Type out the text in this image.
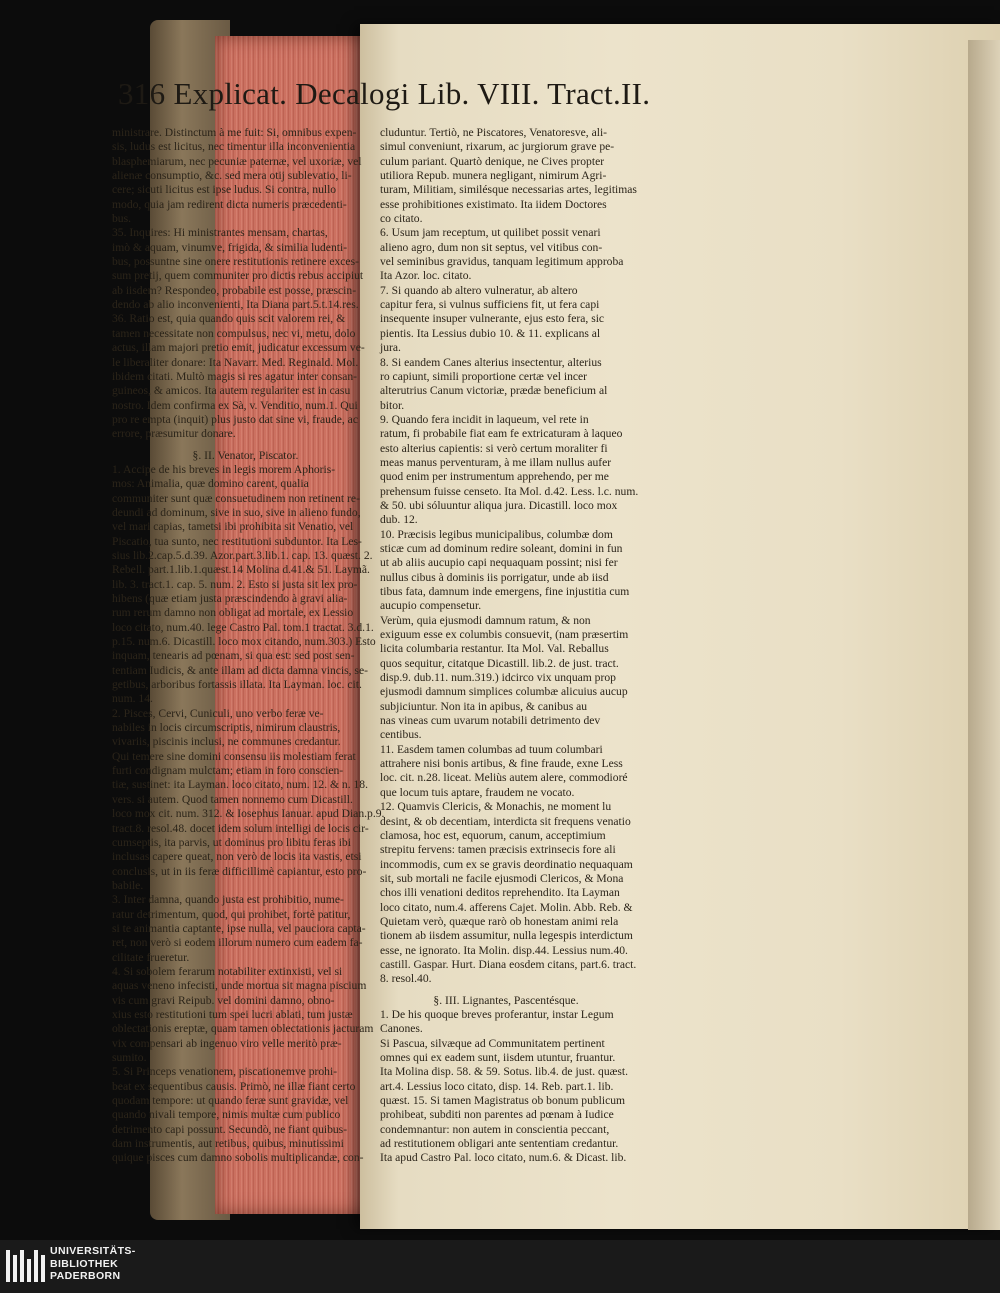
316 Explicat. Decalogi Lib. VIII. Tract.II.
ministrare. Distinctum à me fuit: Si, omnibus expen-
sis, ludus est licitus, nec timentur illa inconvenientia
blasphemiarum, nec pecuniæ paternæ, vel uxoriæ, vel
alienæ consumptio, &c. sed mera otij sublevatio, li-
cere; sicuti licitus est ipse ludus. Si contra, nullo
modo, quia jam redirent dicta numeris præcedenti-
bus.
35. Inquires: Hi ministrantes mensam, chartas,
imò & aquam, vinumve, frigida, & similia ludenti-
bus, possuntne sine onere restitutionis retinere exces-
sum pretij, quem communiter pro dictis rebus accipiut
ab iisdem? Respondeo, probabile est posse, præscin-
dendo ab alio inconvenienti, Ita Diana part.5.t.14.res.
36. Ratio est, quia quando quis scit valorem rei, &
tamen necessitate non compulsus, nec vi, metu, dolo
actus, illam majori pretio emit, judicatur excessum ve-
le liberaliter donare: Ita Navarr. Med. Reginald. Mol.
ibidem citati. Multò magis si res agatur inter consan-
guineos, & amicos. Ita autem regulariter est in casu
nostro. Idem confirma ex Sà, v. Venditio, num.1. Qui
pro re empta (inquit) plus justo dat sine vi, fraude, ac
errore, præsumitur donare.
§. II. Venator, Piscator.
1. Accipe de his breves in legis morem Aphoris-
mos: Animalia, quæ domino carent, qualia
communiter sunt quæ consuetudinem non retinent re-
deundi ad dominum, sive in suo, sive in alieno fundo,
vel mari capias, tametsi ibi prohibita sit Venatio, vel
Piscatio, tua sunto, nec restitutioni subduntor. Ita Les-
sius lib.2.cap.5.d.39. Azor.part.3.lib.1. cap. 13. quæst. 2.
Rebell. part.1.lib.1.quæst.14 Molina d.41.& 51. Laymã.
lib. 3. tract.1. cap. 5. num. 2. Esto si justa sit lex pro-
hibens (quæ etiam justa præscindendo à gravi alia-
rum rerum damno non obligat ad mortale, ex Lessio
loco citato, num.40. lege Castro Pal. tom.1 tractat. 3.d.1.
p.15. num.6. Dicastill. loco mox citando, num.303.) Esto
inquam, tenearis ad pœnam, si qua est: sed post sen-
tentiam Iudicis, & ante illam ad dicta damna vincis, se-
getibus, arboribus fortassis illata. Ita Layman. loc. cit.
num. 14.
2. Pisces, Cervi, Cuniculi, uno verbo feræ ve-
nabiles in locis circumscriptis, nimirum claustris,
vivariis, piscinis inclusi, ne communes credantur.
Qui temere sine domini consensu iis molestiam ferat
furti condignam mulctam; etiam in foro conscien-
tiæ, sustinet: ita Layman. loco citato, num. 12. & n. 18.
vers. si autem. Quod tamen nonnemo cum Dicastill.
loco mox cit. num. 312. & Iosephus Ianuar. apud Dian.p.9.
tract.8. resol.48. docet idem solum intelligi de locis cir-
cumseptis, ita parvis, ut dominus pro libitu feras ibi
inclusas capere queat, non verò de locis ita vastis, etsi
conclusis, ut in iis feræ difficillimè capiantur, esto pro-
babile.
3. Inter damna, quando justa est prohibitio, nume-
ratur detrimentum, quod, qui prohibet, fortè patitur,
si te animantia captante, ipse nulla, vel pauciora capta-
ret, non verò si eodem illorum numero cum eadem fa-
cilitate frueretur.
4. Si sobolem ferarum notabiliter extinxisti, vel si
aquas veneno infecisti, unde mortua sit magna piscium
vis cum gravi Reipub. vel domini damno, obno-
xius esto restitutioni tum spei lucri ablati, tum justæ
oblectationis ereptæ, quam tamen oblectationis jacturam
vix compensari ab ingenuo viro velle meritò præ-
sumito.
5. Si Princeps venationem, piscationemve prohi-
beat ex sequentibus causis. Primò, ne illæ fiant certo
quodam tempore: ut quando feræ sunt gravidæ, vel
quando nivali tempore, nimis multæ cum publico
detrimento capi possunt. Secundò, ne fiant quibus-
dam instrumentis, aut retibus, quibus, minutissimi
quique pisces cum damno sobolis multiplicandæ, con-
cluduntur. Tertiò, ne Piscatores, Venatoresve, ali-
simul conveniunt, rixarum, ac jurgiorum grave pe-
culum pariant. Quartò denique, ne Cives propter
utiliora Repub. munera negligant, nimirum Agri-
turam, Militiam, similésque necessarias artes, legitimas
esse prohibitiones existimato. Ita iidem Doctores
co citato.
6. Usum jam receptum, ut quilibet possit venari
alieno agro, dum non sit septus, vel vitibus con-
vel seminibus gravidus, tanquam legitimum approba
Ita Azor. loc. citato.
7. Si quando ab altero vulneratur, ab altero
capitur fera, si vulnus sufficiens fit, ut fera capi
insequente insuper vulnerante, ejus esto fera, sic
pientis. Ita Lessius dubio 10. & 11. explicans al
jura.
8. Si eandem Canes alterius insectentur, alterius
ro capiunt, simili proportione certæ vel incer
alterutrius Canum victoriæ, prædæ beneficium al
bitor.
9. Quando fera incidit in laqueum, vel rete in
ratum, fi probabile fiat eam fe extricaturam à laqueo
esto alterius capientis: si verò certum moraliter fi
meas manus perventuram, à me illam nullus aufer
quod enim per instrumentum apprehendo, per me
prehensum fuisse censeto. Ita Mol. d.42. Less. l.c. num.
& 50. ubi sóluuntur aliqua jura. Dicastill. loco mox
dub. 12.
10. Præcisis legibus municipalibus, columbæ dom
sticæ cum ad dominum redire soleant, domini in fun
ut ab aliis aucupio capi nequaquam possint; nisi fer
nullus cibus à dominis iis porrigatur, unde ab iisd
tibus fata, damnum inde emergens, fine injustitia cum
aucupio compensetur.
Verùm, quia ejusmodi damnum ratum, & non
exiguum esse ex columbis consuevit, (nam præsertim
licita columbaria restantur. Ita Mol. Val. Reballus
quos sequitur, citatque Dicastill. lib.2. de just. tract.
disp.9. dub.11. num.319.) idcirco vix unquam prop
ejusmodi damnum simplices columbæ alicuius aucup
subjiciuntur. Non ita in apibus, & canibus au
nas vineas cum uvarum notabili detrimento dev
centibus.
11. Easdem tamen columbas ad tuum columbari
attrahere nisi bonis artibus, & fine fraude, exne Less
loc. cit. n.28. liceat. Meliùs autem alere, commodioré
que locum tuis aptare, fraudem ne vocato.
12. Quamvis Clericis, & Monachis, ne moment lu
desint, & ob decentiam, interdicta sit frequens venatio
clamosa, hoc est, equorum, canum, acceptimium
strepitu fervens: tamen præcisis extrinsecis fore ali
incommodis, cum ex se gravis deordinatio nequaquam
sit, sub mortali ne facile ejusmodi Clericos, & Mona
chos illi venationi deditos reprehendito. Ita Layman
loco citato, num.4. afferens Cajet. Molin. Abb. Reb. &
Quietam verò, quæque rarò ob honestam animi rela
tionem ab iisdem assumitur, nulla legespis interdictum
esse, ne ignorato. Ita Molin. disp.44. Lessius num.40.
castill. Gaspar. Hurt. Diana eosdem citans, part.6. tract.
8. resol.40.
§. III. Lignantes, Pascentésque.
1. De his quoque breves proferantur, instar Legum
Canones.
Si Pascua, silvæque ad Communitatem pertinent
omnes qui ex eadem sunt, iisdem utuntur, fruantur.
Ita Molina disp. 58. & 59. Sotus. lib.4. de just. quæst.
art.4. Lessius loco citato, disp. 14. Reb. part.1. lib.
quæst. 15. Si tamen Magistratus ob bonum publicum
prohibeat, subditi non parentes ad pœnam à Iudice
condemnantur: non autem in conscientia peccant,
ad restitutionem obligari ante sententiam credantur.
Ita apud Castro Pal. loco citato, num.6. & Dicast. lib.
UNIVERSITÄTS-
BIBLIOTHEK
PADERBORN
